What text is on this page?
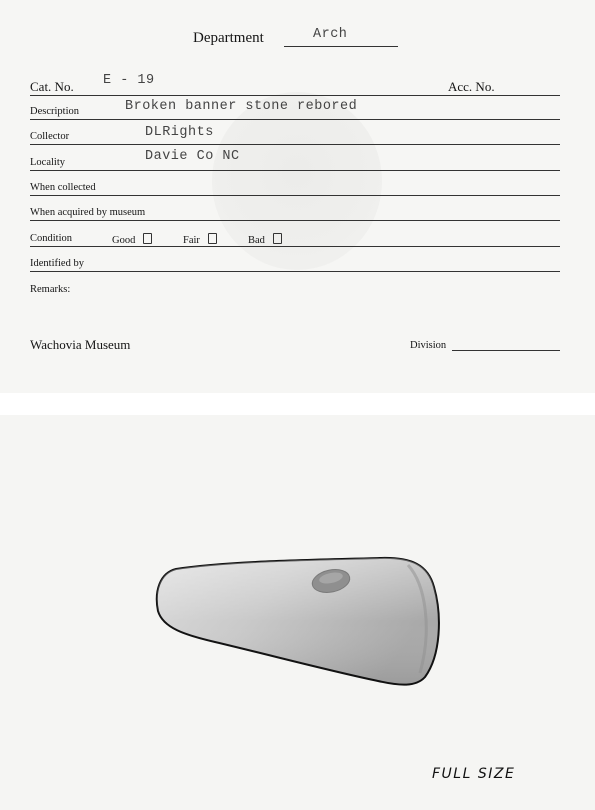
Department	Arch
Cat. No. E - 19	Acc. No.
Description	Broken banner stone rebored
Collector	DLRights
Locality	Davie Co NC
When collected
When acquired by museum
Condition	Good	Fair	Bad
Identified by
Remarks:
Wachovia Museum	Division
FULL SIZE
